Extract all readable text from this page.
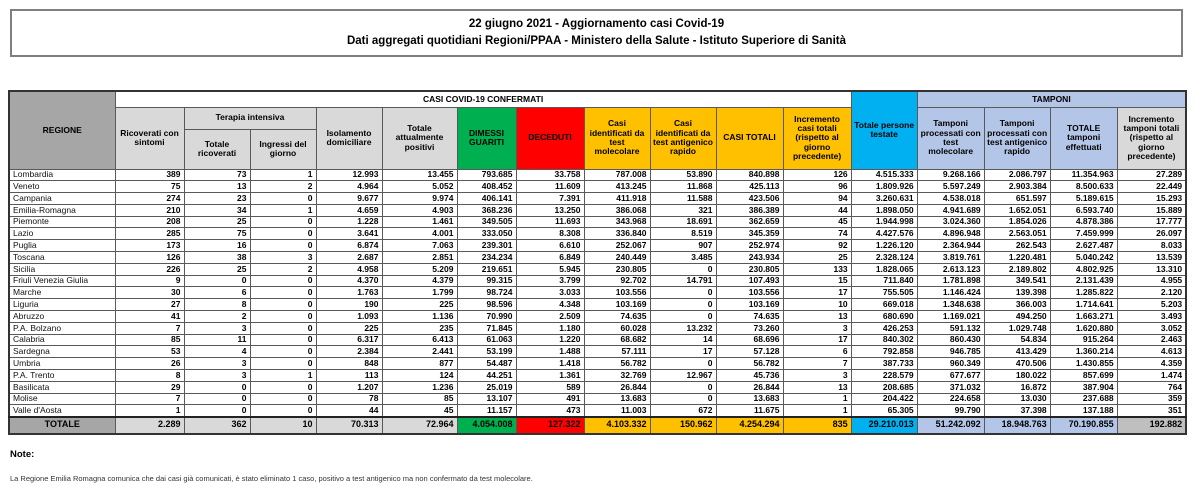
22 giugno 2021 - Aggiornamento casi Covid-19
Dati aggregati quotidiani Regioni/PPAA - Ministero della Salute - Istituto Superiore di Sanità
REGIONE	CASI COVID-19 CONFERMATI											Totale persone testate	TAMPONI			
	Ricoverati con sintomi	Terapia intensiva		Isolamento domiciliare	Totale attualmente positivi	DIMESSI GUARITI	DECEDUTI	Casi identificati da test molecolare	Casi identificati da test antigenico rapido	CASI TOTALI	Incremento casi totali (rispetto al giorno precedente)		Tamponi processati con test molecolare	Tamponi processati con test antigenico rapido	TOTALE tamponi effettuati	Incremento tamponi totali (rispetto al giorno precedente)
		Totale ricoverati	Ingressi del giorno													
Lombardia	389	73	1	12.993	13.455	793.685	33.758	787.008	53.890	840.898	126	4.515.333	9.268.166	2.086.797	11.354.963	27.289
Veneto	75	13	2	4.964	5.052	408.452	11.609	413.245	11.868	425.113	96	1.809.926	5.597.249	2.903.384	8.500.633	22.449
Campania	274	23	0	9.677	9.974	406.141	7.391	411.918	11.588	423.506	94	3.260.631	4.538.018	651.597	5.189.615	15.293
Emilia-Romagna	210	34	1	4.659	4.903	368.236	13.250	386.068	321	386.389	44	1.898.050	4.941.689	1.652.051	6.593.740	15.889
Piemonte	208	25	0	1.228	1.461	349.505	11.693	343.968	18.691	362.659	45	1.944.998	3.024.360	1.854.026	4.878.386	17.777
Lazio	285	75	0	3.641	4.001	333.050	8.308	336.840	8.519	345.359	74	4.427.576	4.896.948	2.563.051	7.459.999	26.097
Puglia	173	16	0	6.874	7.063	239.301	6.610	252.067	907	252.974	92	1.226.120	2.364.944	262.543	2.627.487	8.033
Toscana	126	38	3	2.687	2.851	234.234	6.849	240.449	3.485	243.934	25	2.328.124	3.819.761	1.220.481	5.040.242	13.539
Sicilia	226	25	2	4.958	5.209	219.651	5.945	230.805	0	230.805	133	1.828.065	2.613.123	2.189.802	4.802.925	13.310
Friuli Venezia Giulia	9	0	0	4.370	4.379	99.315	3.799	92.702	14.791	107.493	15	711.840	1.781.898	349.541	2.131.439	4.955
Marche	30	6	0	1.763	1.799	98.724	3.033	103.556	0	103.556	17	755.505	1.146.424	139.398	1.285.822	2.120
Liguria	27	8	0	190	225	98.596	4.348	103.169	0	103.169	10	669.018	1.348.638	366.003	1.714.641	5.203
Abruzzo	41	2	0	1.093	1.136	70.990	2.509	74.635	0	74.635	13	680.690	1.169.021	494.250	1.663.271	3.493
P.A. Bolzano	7	3	0	225	235	71.845	1.180	60.028	13.232	73.260	3	426.253	591.132	1.029.748	1.620.880	3.052
Calabria	85	11	0	6.317	6.413	61.063	1.220	68.682	14	68.696	17	840.302	860.430	54.834	915.264	2.463
Sardegna	53	4	0	2.384	2.441	53.199	1.488	57.111	17	57.128	6	792.858	946.785	413.429	1.360.214	4.613
Umbria	26	3	0	848	877	54.487	1.418	56.782	0	56.782	7	387.733	960.349	470.506	1.430.855	4.359
P.A. Trento	8	3	1	113	124	44.251	1.361	32.769	12.967	45.736	3	228.579	677.677	180.022	857.699	1.474
Basilicata	29	0	0	1.207	1.236	25.019	589	26.844	0	26.844	13	208.685	371.032	16.872	387.904	764
Molise	7	0	0	78	85	13.107	491	13.683	0	13.683	1	204.422	224.658	13.030	237.688	359
Valle d'Aosta	1	0	0	44	45	11.157	473	11.003	672	11.675	1	65.305	99.790	37.398	137.188	351
TOTALE	2.289	362	10	70.313	72.964	4.054.008	127.322	4.103.332	150.962	4.254.294	835	29.210.013	51.242.092	18.948.763	70.190.855	192.882
Note:
La Regione Emilia Romagna comunica che dai casi già comunicati, è stato eliminato 1 caso, positivo a test antigenico ma non confermato da test molecolare.
